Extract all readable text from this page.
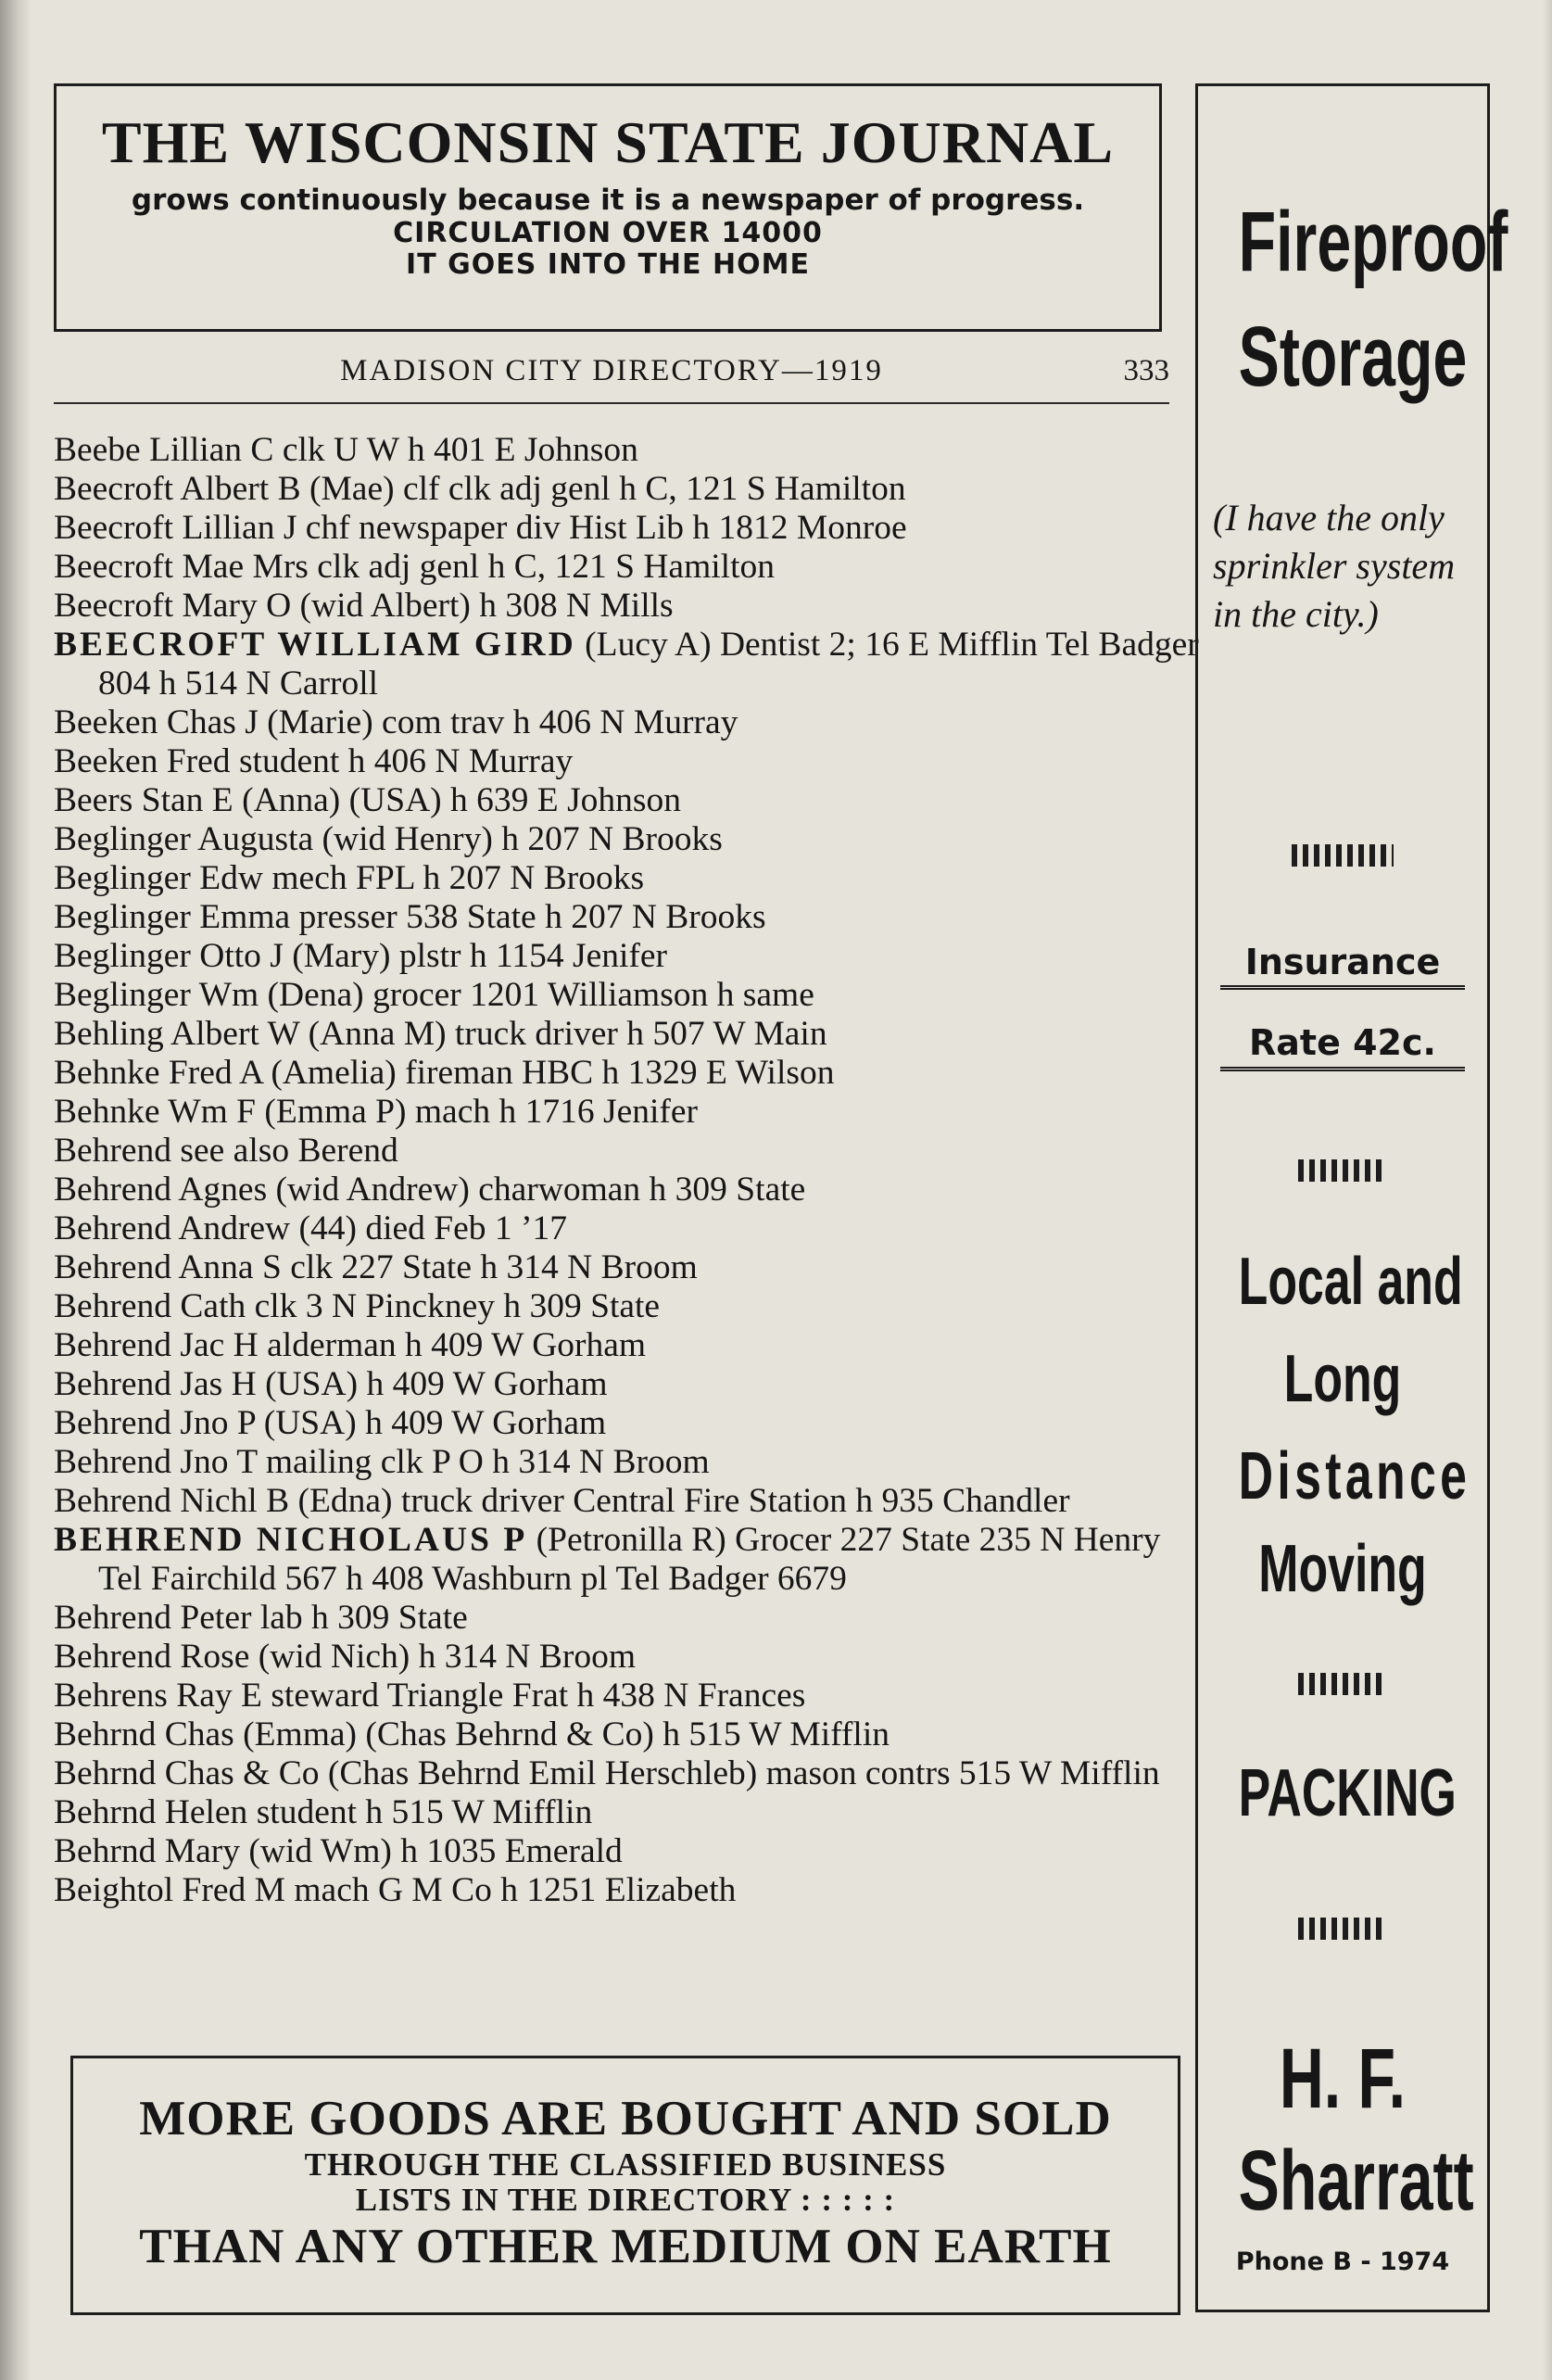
THE WISCONSIN STATE JOURNAL
grows continuously because it is a newspaper of progress.
CIRCULATION OVER 14000
IT GOES INTO THE HOME
MADISON CITY DIRECTORY—1919	333
Beebe Lillian C clk U W h 401 E Johnson
Beecroft Albert B (Mae) clf clk adj genl h C, 121 S Hamilton
Beecroft Lillian J chf newspaper div Hist Lib h 1812 Monroe
Beecroft Mae Mrs clk adj genl h C, 121 S Hamilton
Beecroft Mary O (wid Albert) h 308 N Mills
BEECROFT WILLIAM GIRD (Lucy A) Dentist 2; 16 E Mifflin Tel Badger 804 h 514 N Carroll
Beeken Chas J (Marie) com trav h 406 N Murray
Beeken Fred student h 406 N Murray
Beers Stan E (Anna) (USA) h 639 E Johnson
Beglinger Augusta (wid Henry) h 207 N Brooks
Beglinger Edw mech FPL h 207 N Brooks
Beglinger Emma presser 538 State h 207 N Brooks
Beglinger Otto J (Mary) plstr h 1154 Jenifer
Beglinger Wm (Dena) grocer 1201 Williamson h same
Behling Albert W (Anna M) truck driver h 507 W Main
Behnke Fred A (Amelia) fireman HBC h 1329 E Wilson
Behnke Wm F (Emma P) mach h 1716 Jenifer
Behrend see also Berend
Behrend Agnes (wid Andrew) charwoman h 309 State
Behrend Andrew (44) died Feb 1 ’17
Behrend Anna S clk 227 State h 314 N Broom
Behrend Cath clk 3 N Pinckney h 309 State
Behrend Jac H alderman h 409 W Gorham
Behrend Jas H (USA) h 409 W Gorham
Behrend Jno P (USA) h 409 W Gorham
Behrend Jno T mailing clk P O h 314 N Broom
Behrend Nichl B (Edna) truck driver Central Fire Station h 935 Chandler
BEHREND NICHOLAUS P (Petronilla R) Grocer 227 State 235 N Henry Tel Fairchild 567 h 408 Washburn pl Tel Badger 6679
Behrend Peter lab h 309 State
Behrend Rose (wid Nich) h 314 N Broom
Behrens Ray E steward Triangle Frat h 438 N Frances
Behrnd Chas (Emma) (Chas Behrnd & Co) h 515 W Mifflin
Behrnd Chas & Co (Chas Behrnd Emil Herschleb) mason contrs 515 W Mifflin
Behrnd Helen student h 515 W Mifflin
Behrnd Mary (wid Wm) h 1035 Emerald
Beightol Fred M mach G M Co h 1251 Elizabeth
MORE GOODS ARE BOUGHT AND SOLD
THROUGH THE CLASSIFIED BUSINESS
LISTS IN THE DIRECTORY : : : : :
THAN ANY OTHER MEDIUM ON EARTH
Fireproof
Storage
(I have the only sprinkler system in the city.)
Insurance
Rate 42c.
Local and
Long
Distance
Moving
PACKING
H. F.
Sharratt
Phone B - 1974
